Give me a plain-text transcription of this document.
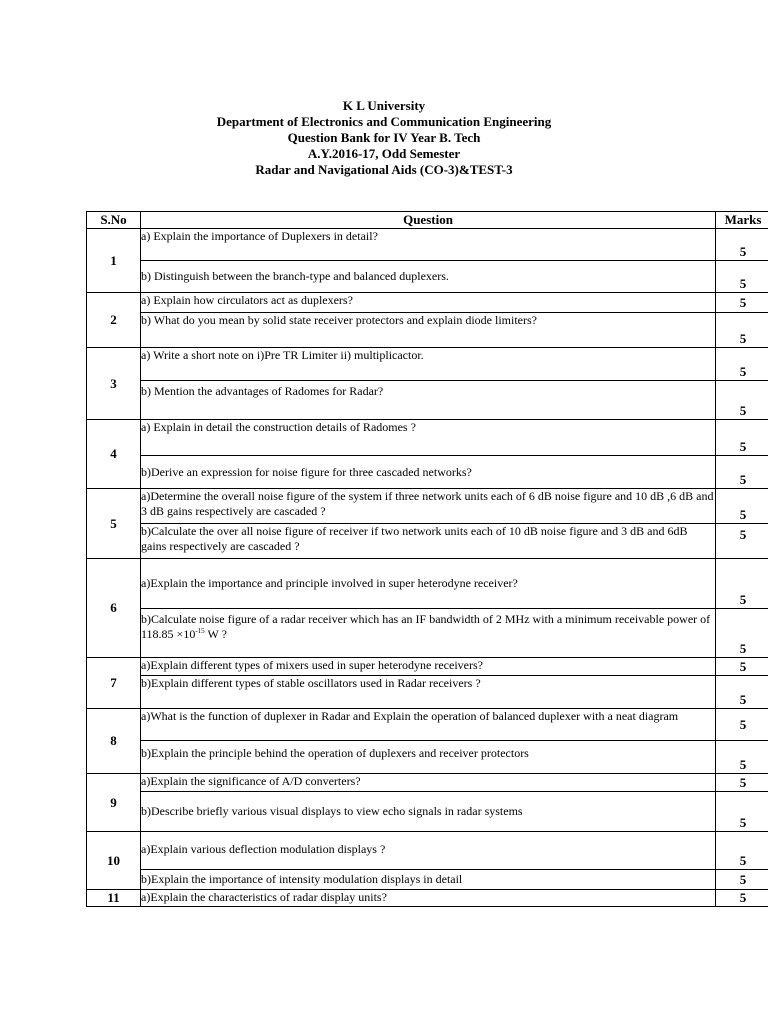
K L University
Department of Electronics and Communication Engineering
Question Bank for IV Year B. Tech
A.Y.2016-17, Odd Semester
Radar and Navigational Aids (CO-3)&TEST-3
S.No	Question	Marks
1	a) Explain the importance of Duplexers in detail?	5
	b) Distinguish between the branch-type and balanced duplexers.	5
2	a) Explain how circulators act as duplexers?	5
	b) What do you mean by solid state receiver protectors and explain diode limiters?	5
3	a) Write a short note on i)Pre TR Limiter ii) multiplicactor.	5
	b) Mention the advantages of Radomes for Radar?	5
4	a) Explain in detail the construction details of Radomes ?	5
	b)Derive an expression for noise figure for three cascaded networks?	5
5	a)Determine the overall noise figure of the system if three network units each of 6 dB noise figure and 10 dB ,6 dB and 3 dB gains respectively are cascaded ?	5
	b)Calculate the over all noise figure of receiver if two network units each of 10 dB noise figure and 3 dB and 6dB gains respectively are cascaded ?	5
6	a)Explain the importance and principle involved in super heterodyne receiver?	5
	b)Calculate noise figure of a radar receiver which has an IF bandwidth of 2 MHz with a minimum receivable power of $118.85 \times 10^{-15}$ W ?	5
7	a)Explain different types of mixers used in super heterodyne receivers?	5
	b)Explain different types of stable oscillators used in Radar receivers ?	5
8	a)What is the function of duplexer in Radar and Explain the operation of balanced duplexer with a neat diagram	5
	b)Explain the principle behind the operation of duplexers and receiver protectors	5
9	a)Explain the significance of A/D converters?	5
	b)Describe briefly various visual displays to view echo signals in radar systems	5
10	a)Explain various deflection modulation displays ?	5
	b)Explain the importance of intensity modulation displays in detail	5
11	a)Explain the characteristics of radar display units?	5
